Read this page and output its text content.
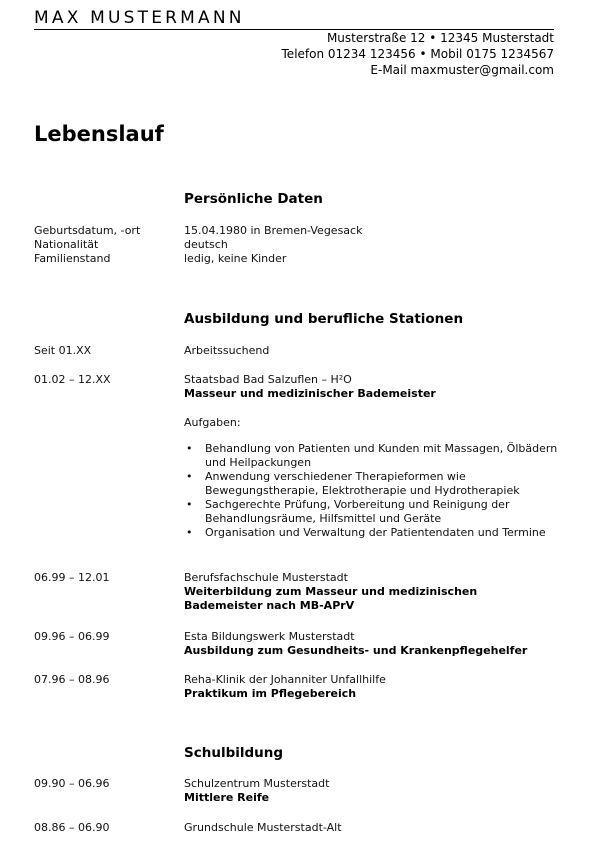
MAX MUSTERMANN
Musterstraße 12 • 12345 Musterstadt
Telefon 01234 123456 • Mobil 0175 1234567
E-Mail maxmuster@gmail.com
Lebenslauf
Persönliche Daten
Geburtsdatum, -ort	15.04.1980 in Bremen-Vegesack
Nationalität	deutsch
Familienstand	ledig, keine Kinder
Ausbildung und berufliche Stationen
Seit 01.XX	Arbeitssuchend
01.02 – 12.XX	Staatsbad Bad Salzuflen – H²O
Masseur und medizinischer Bademeister
Aufgaben:
• Behandlung von Patienten und Kunden mit Massagen, Ölbädern und Heilpackungen
• Anwendung verschiedener Therapieformen wie Bewegungstherapie, Elektrotherapie und Hydrotherapiek
• Sachgerechte Prüfung, Vorbereitung und Reinigung der Behandlungsräume, Hilfsmittel und Geräte
• Organisation und Verwaltung der Patientendaten und Termine
06.99 – 12.01	Berufsfachschule Musterstadt
Weiterbildung zum Masseur und medizinischen
Bademeister nach MB-APrV
09.96 – 06.99	Esta Bildungswerk Musterstadt
Ausbildung zum Gesundheits- und Krankenpflegehelfer
07.96 – 08.96	Reha-Klinik der Johanniter Unfallhilfe
Praktikum im Pflegebereich
Schulbildung
09.90 – 06.96	Schulzentrum Musterstadt
Mittlere Reife
08.86 – 06.90	Grundschule Musterstadt-Alt
